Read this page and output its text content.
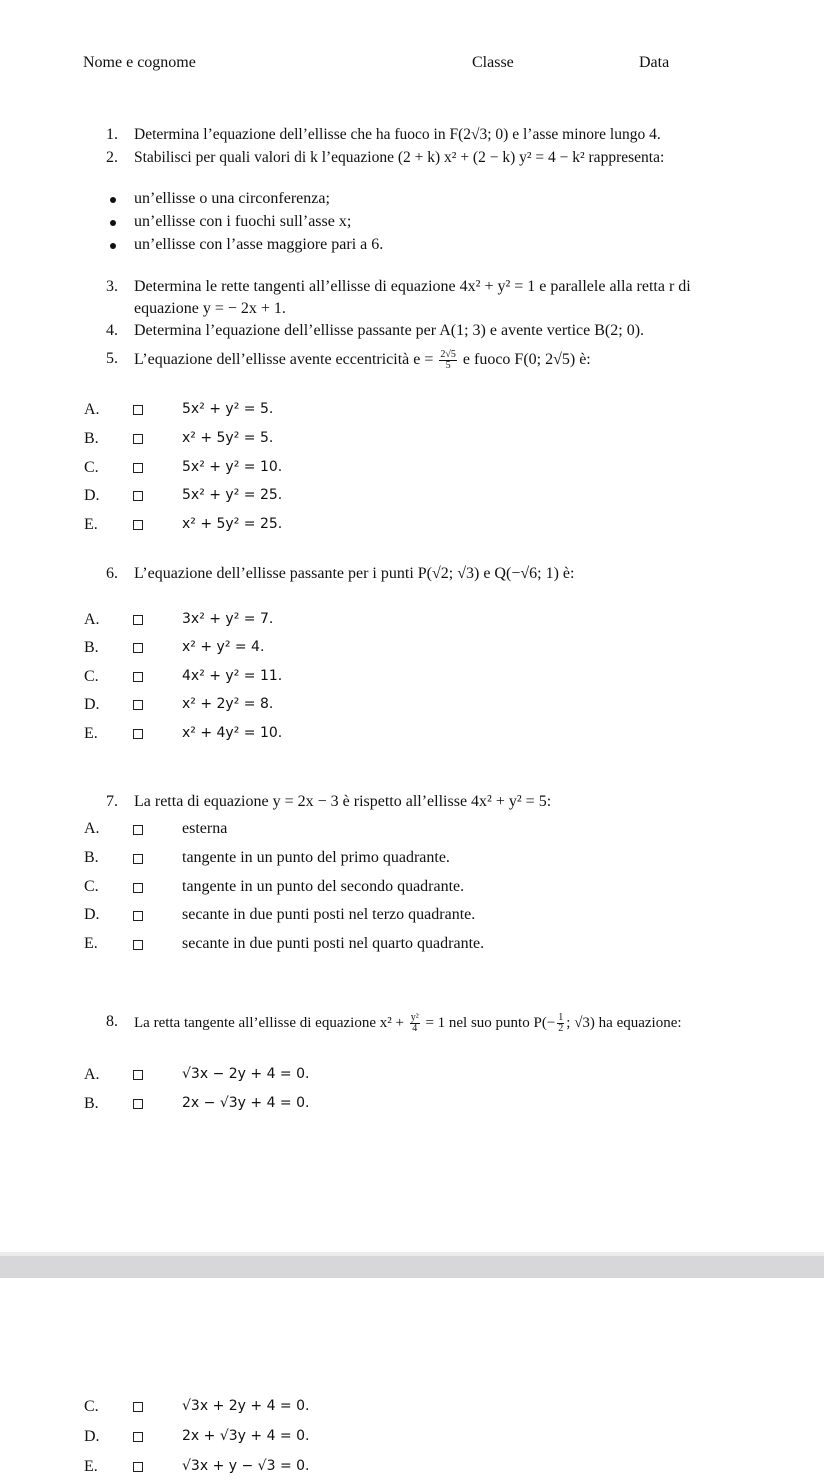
Nome e cognome	Classe	Data
1. Determina l’equazione dell’ellisse che ha fuoco in F(2√3; 0) e l’asse minore lungo 4.
2. Stabilisci per quali valori di k l’equazione (2 + k) x² + (2 − k) y² = 4 − k² rappresenta:
un’ellisse o una circonferenza;
un’ellisse con i fuochi sull’asse x;
un’ellisse con l’asse maggiore pari a 6.
3. Determina le rette tangenti all’ellisse di equazione 4x² + y² = 1 e parallele alla retta r di
equazione y = − 2x + 1.
4. Determina l’equazione dell’ellisse passante per A(1; 3) e avente vertice B(2; 0).
5. L’equazione dell’ellisse avente eccentricità $e = \frac{2√5}{5}$ e fuoco F(0; 2√5) è:
A.	5x² + y² = 5.
B.	x² + 5y² = 5.
C.	5x² + y² = 10.
D.	5x² + y² = 25.
E.	x² + 5y² = 25.
6. L’equazione dell’ellisse passante per i punti P(√2; √3) e Q(−√6; 1) è:
A.	3x² + y² = 7.
B.	x² + y² = 4.
C.	4x² + y² = 11.
D.	x² + 2y² = 8.
E.	x² + 4y² = 10.
7. La retta di equazione y = 2x − 3 è rispetto all’ellisse 4x² + y² = 5:
A.	esterna
B.	tangente in un punto del primo quadrante.
C.	tangente in un punto del secondo quadrante.
D.	secante in due punti posti nel terzo quadrante.
E.	secante in due punti posti nel quarto quadrante.
8. La retta tangente all’ellisse di equazione $x^2 + \frac{\text{y²}}{4} = 1$ nel suo punto $P(- \frac{1}{2}$ ; √3) ha equazione:
A.	√3x − 2y + 4 = 0.
B.	2x − √3y + 4 = 0.
C.	√3x + 2y + 4 = 0.
D.	2x + √3y + 4 = 0.
E.	√3x + y − √3 = 0.
